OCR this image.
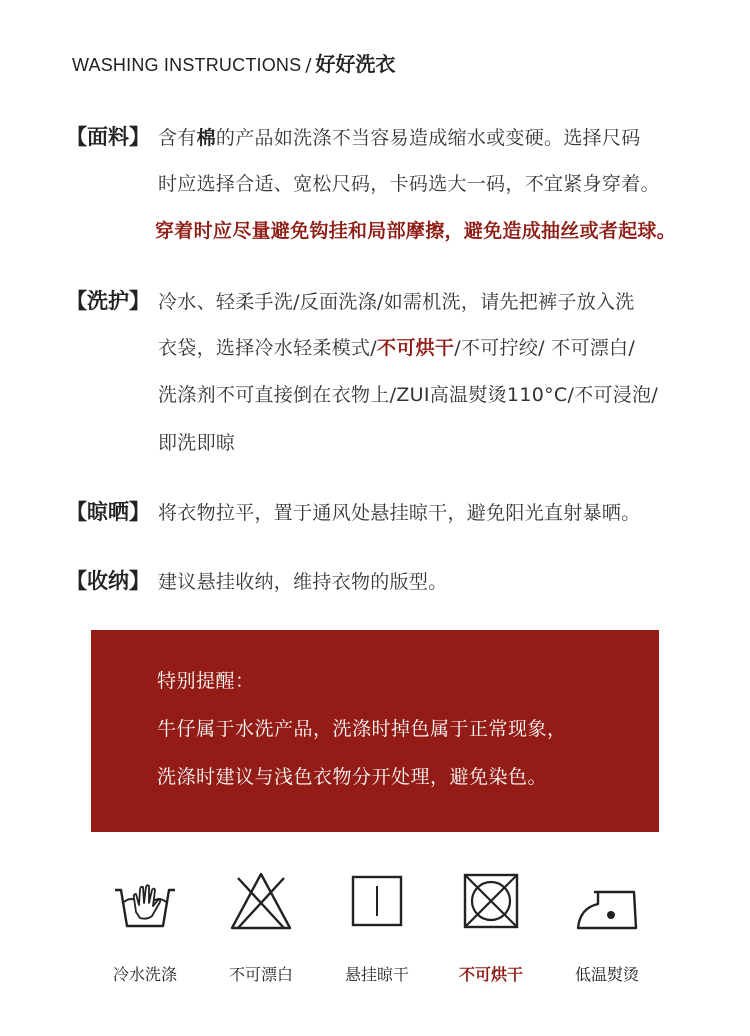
WASHING INSTRUCTIONS / 好好洗衣
【面料】 含有棉的产品如洗涤不当容易造成缩水或变硬。选择尺码
时应选择合适、宽松尺码，卡码选大一码，不宜紧身穿着。
穿着时应尽量避免钩挂和局部摩擦，避免造成抽丝或者起球。
【洗护】 冷水、轻柔手洗/反面洗涤/如需机洗，请先把裤子放入洗
衣袋，选择冷水轻柔模式/不可烘干/不可拧绞/ 不可漂白/
洗涤剂不可直接倒在衣物上/ZUI高温熨烫110°C/不可浸泡/
即洗即晾
【晾晒】 将衣物拉平，置于通风处悬挂晾干，避免阳光直射暴晒。
【收纳】 建议悬挂收纳，维持衣物的版型。
特别提醒：
牛仔属于水洗产品，洗涤时掉色属于正常现象，
洗涤时建议与浅色衣物分开处理，避免染色。
冷水洗涤	不可漂白	悬挂晾干	不可烘干	低温熨烫
